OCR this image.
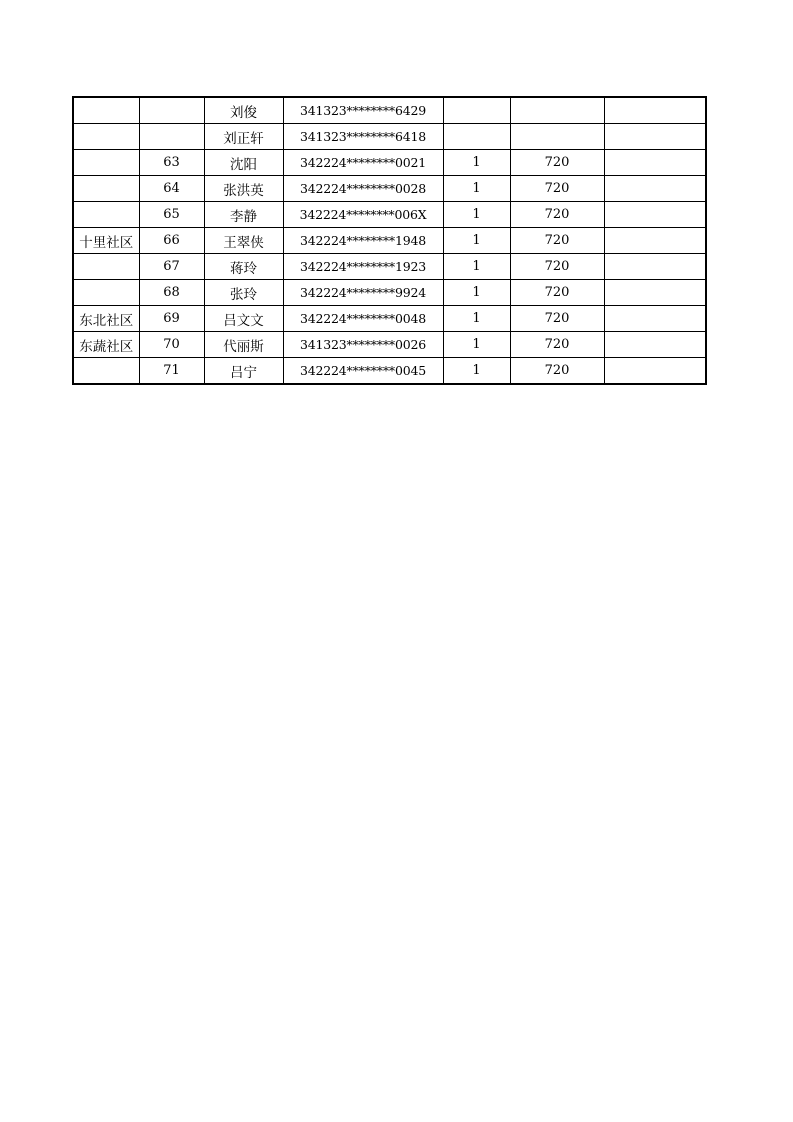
		刘俊	341323********6429			
		刘正轩	341323********6418			
	63	沈阳	342224********0021	1	720	
	64	张洪英	342224********0028	1	720	
	65	李静	342224********006X	1	720	
十里社区	66	王翠侠	342224********1948	1	720	
	67	蒋玲	342224********1923	1	720	
	68	张玲	342224********9924	1	720	
东北社区	69	吕文文	342224********0048	1	720	
东蔬社区	70	代丽斯	341323********0026	1	720	
	71	吕宁	342224********0045	1	720	
